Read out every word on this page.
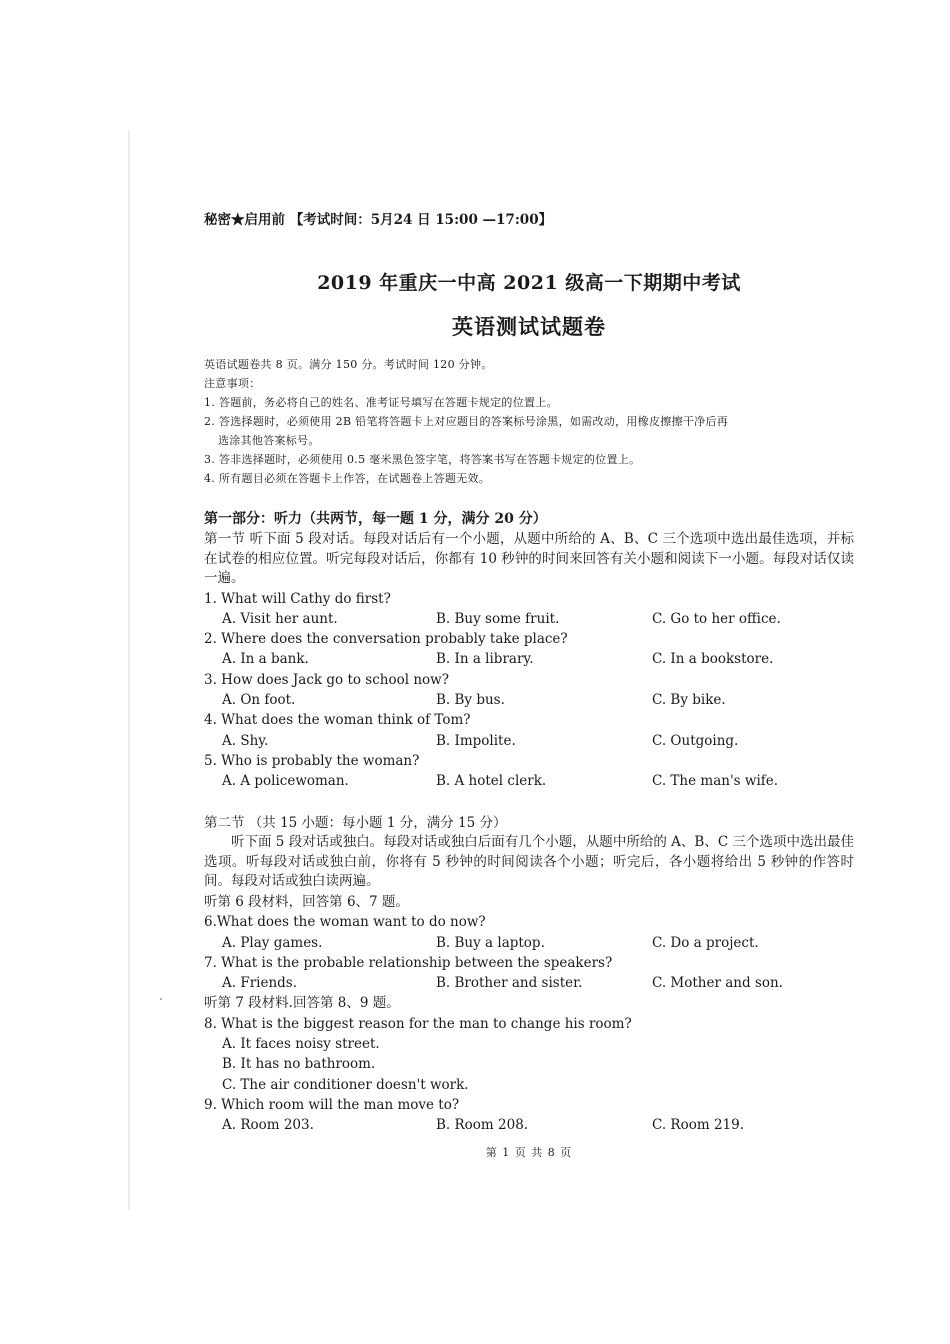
秘密★启用前 【考试时间：5月24 日 15:00 —17:00】

2019 年重庆一中高 2021 级高一下期期中考试
英语测试试题卷

英语试题卷共 8 页。满分 150 分。考试时间 120 分钟。

注意事项：

1. 答题前，务必将自己的姓名、准考证号填写在答题卡规定的位置上。

2. 答选择题时，必须使用 2B 铅笔将答题卡上对应题目的答案标号涂黑，如需改动，用橡皮擦擦干净后再

选涂其他答案标号。

3. 答非选择题时，必须使用 0.5 毫米黑色签字笔，将答案书写在答题卡规定的位置上。

4. 所有题目必须在答题卡上作答，在试题卷上答题无效。

第一部分：听力（共两节，每一题 1 分，满分 20 分）

第一节 听下面 5 段对话。每段对话后有一个小题，从题中所给的 A、B、C 三个选项中选出最佳选项，并标在试卷的相应位置。听完每段对话后，你都有 10 秒钟的时间来回答有关小题和阅读下一小题。每段对话仅读一遍。

1. What will Cathy do first?

A. Visit her aunt.	B. Buy some fruit.	C. Go to her office.

2. Where does the conversation probably take place?

A. In a bank.	B. In a library.	C. In a bookstore.

3. How does Jack go to school now?

A. On foot.	B. By bus.	C. By bike.

4. What does the woman think of Tom?

A. Shy.	B. Impolite.	C. Outgoing.

5. Who is probably the woman?

A. A policewoman.	B. A hotel clerk.	C. The man's wife.
第二节 （共 15 小题：每小题 1 分，满分 15 分）

听下面 5 段对话或独白。每段对话或独白后面有几个小题，从题中所给的 A、B、C 三个选项中选出最佳选项。听每段对话或独白前，你将有 5 秒钟的时间阅读各个小题；听完后，各小题将给出 5 秒钟的作答时间。每段对话或独白读两遍。

听第 6 段材料，回答第 6、7 题。

6.What does the woman want to do now?

A. Play games.	B. Buy a laptop.	C. Do a project.

7. What is the probable relationship between the speakers?

A. Friends.	B. Brother and sister.	C. Mother and son.

听第 7 段材料.回答第 8、9 题。

8. What is the biggest reason for the man to change his room?

A. It faces noisy street.

B. It has no bathroom.

C. The air conditioner doesn't work.

9. Which room will the man move to?

A. Room 203.	B. Room 208.	C. Room 219.
第 1 页 共 8 页
